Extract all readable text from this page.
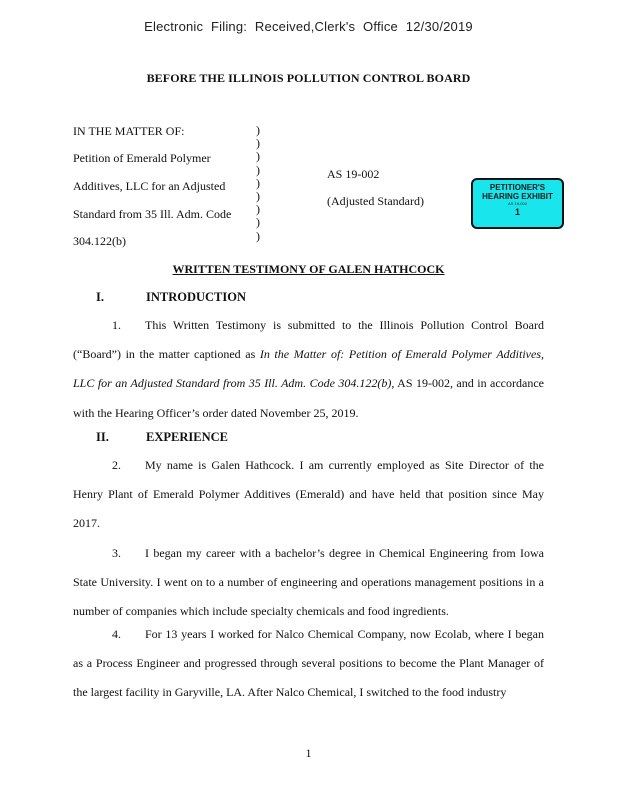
Electronic Filing: Received,Clerk's Office 12/30/2019
BEFORE THE ILLINOIS POLLUTION CONTROL BOARD
IN THE MATTER OF:
Petition of Emerald Polymer
Additives, LLC for an Adjusted
Standard from 35 Ill. Adm. Code
304.122(b)
)
)
)
)
)
)
)
)
)
AS 19-002
(Adjusted Standard)
PETITIONER'S
HEARING EXHIBIT
AS 19-002
1
WRITTEN TESTIMONY OF GALEN HATHCOCK
I.	INTRODUCTION
1. This Written Testimony is submitted to the Illinois Pollution Control Board (“Board”) in the matter captioned as In the Matter of: Petition of Emerald Polymer Additives, LLC for an Adjusted Standard from 35 Ill. Adm. Code 304.122(b), AS 19-002, and in accordance with the Hearing Officer’s order dated November 25, 2019.
II.	EXPERIENCE
2. My name is Galen Hathcock. I am currently employed as Site Director of the Henry Plant of Emerald Polymer Additives (Emerald) and have held that position since May 2017.
3. I began my career with a bachelor’s degree in Chemical Engineering from Iowa State University. I went on to a number of engineering and operations management positions in a number of companies which include specialty chemicals and food ingredients.
4. For 13 years I worked for Nalco Chemical Company, now Ecolab, where I began as a Process Engineer and progressed through several positions to become the Plant Manager of the largest facility in Garyville, LA. After Nalco Chemical, I switched to the food industry
1
